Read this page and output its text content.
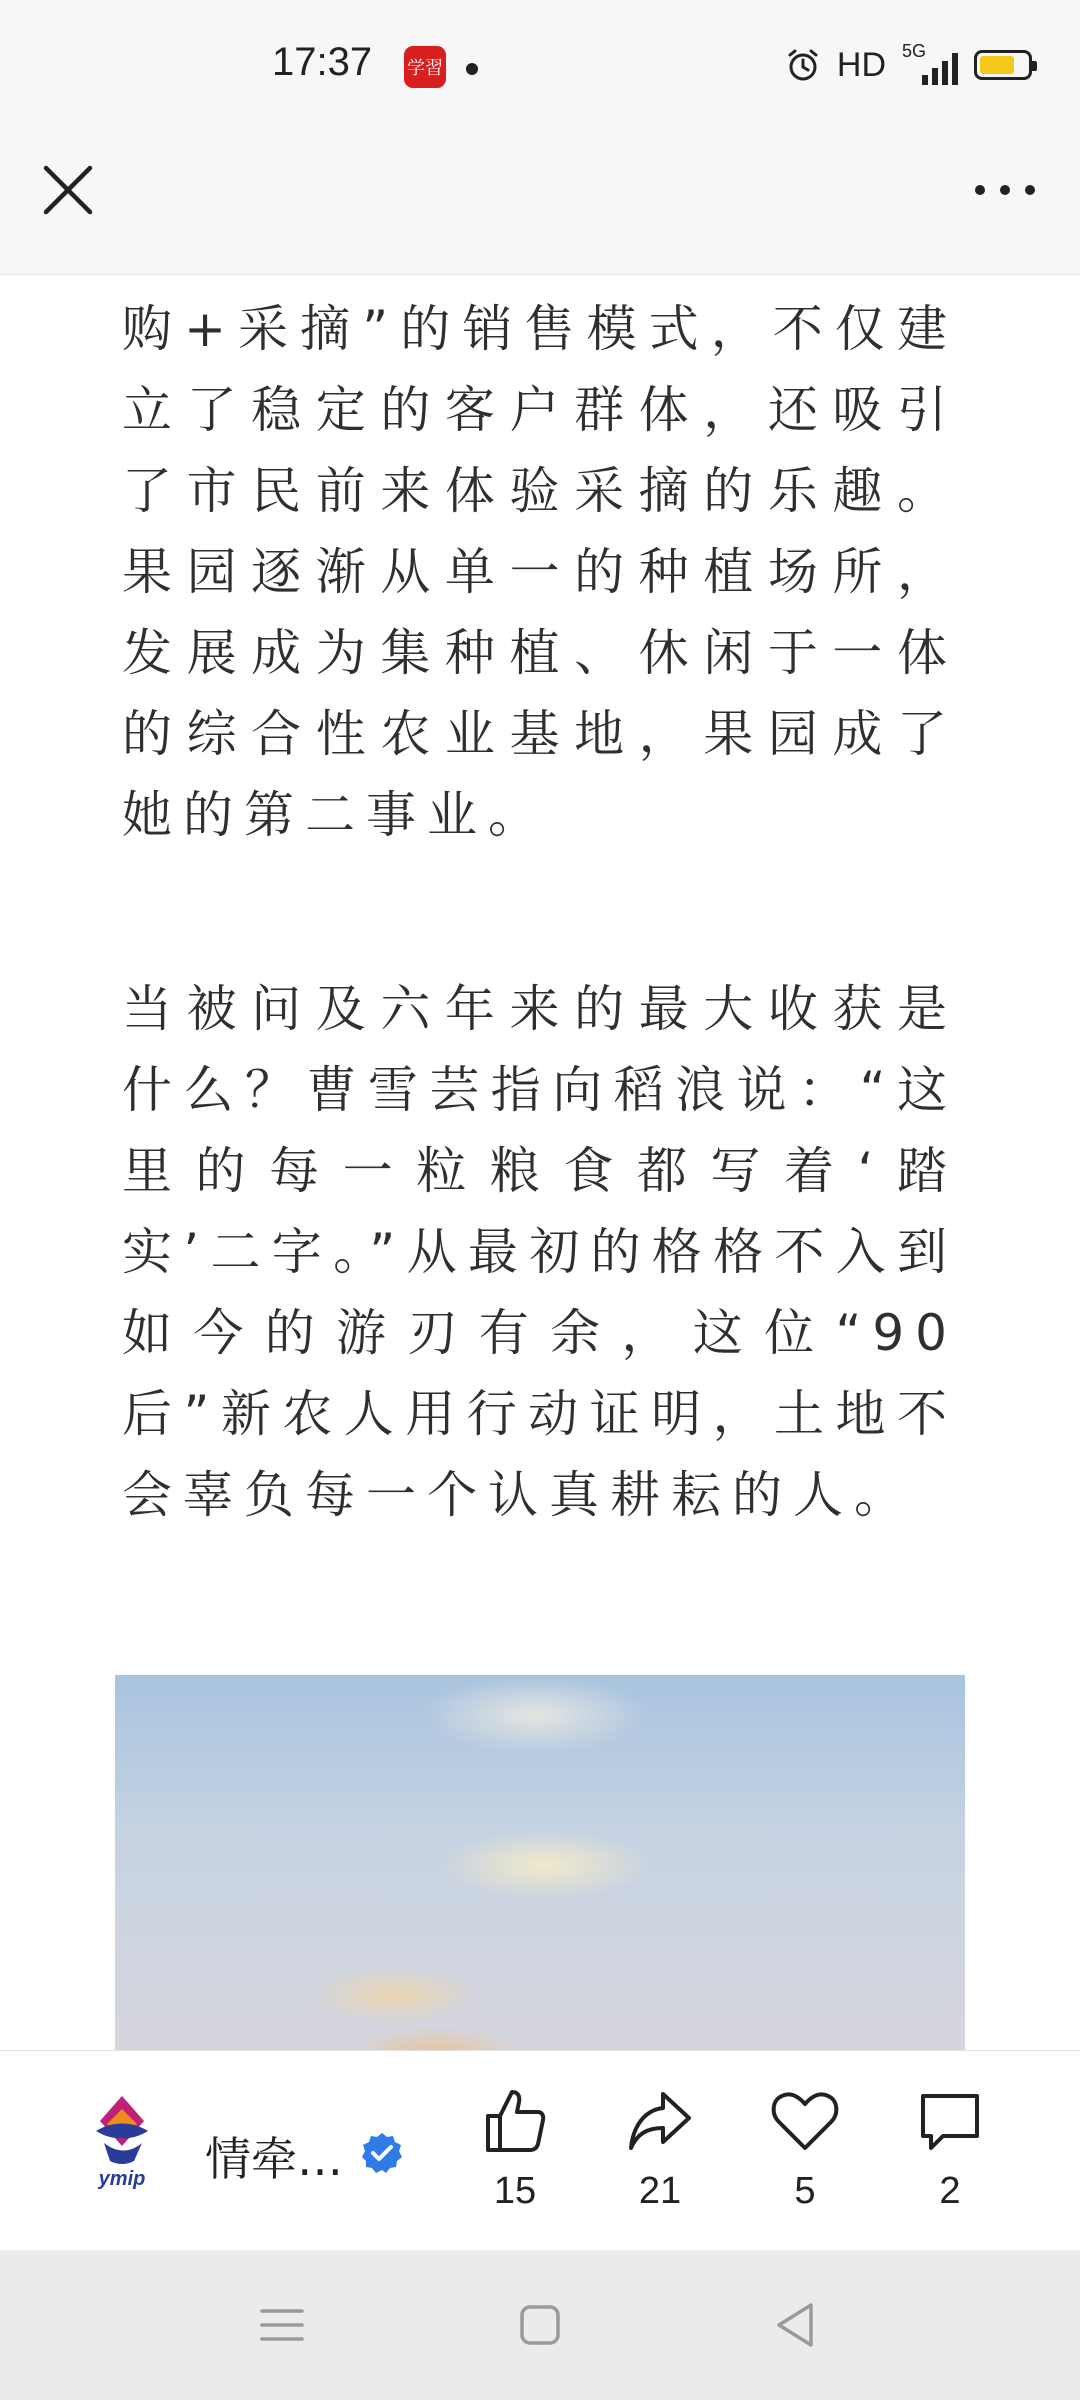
17:37 学習	HD 5G

购+采摘”的销售模式，不仅建立了稳定的客户群体，还吸引了市民前来体验采摘的乐趣。果园逐渐从单一的种植场所，发展成为集种植、休闲于一体的综合性农业基地，果园成了她的第二事业。

当被问及六年来的最大收获是什么？曹雪芸指向稻浪说：“这里的每一粒粮食都写着‘踏实’二字。”从最初的格格不入到如今的游刃有余，这位“90后”新农人用行动证明，土地不会辜负每一个认真耕耘的人。

ymip 情牵…
15	21	5	2
